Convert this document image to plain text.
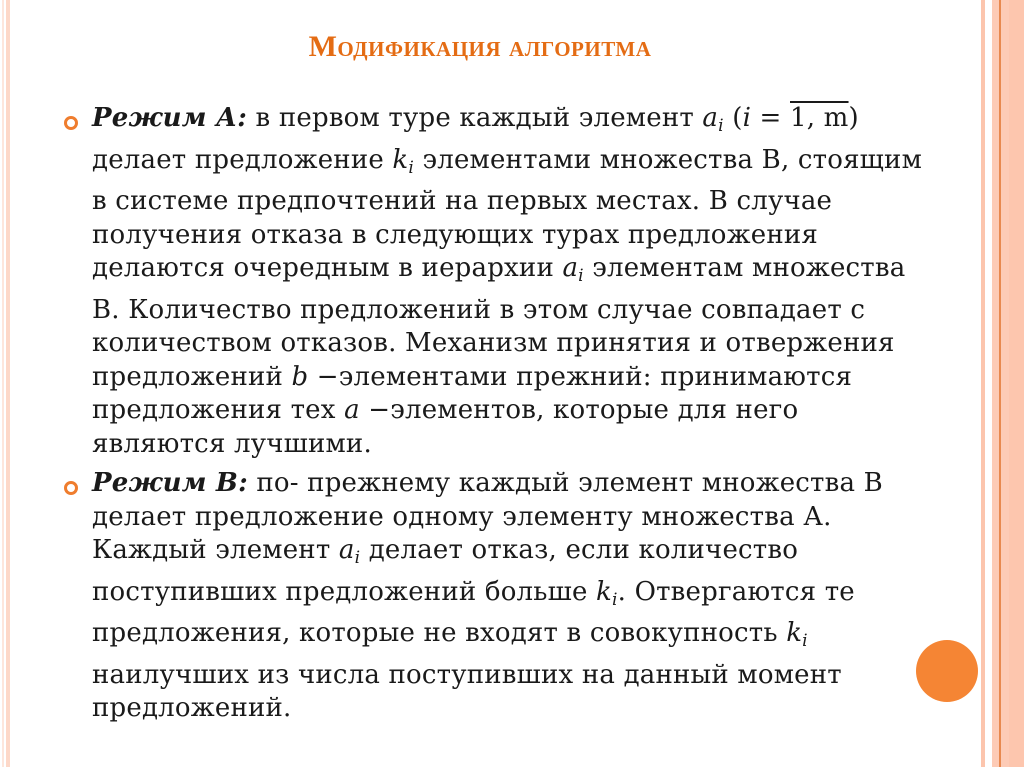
Модификация алгоритма
Режим А: в первом туре каждый элемент $a_i$ (i = 1, m) делает предложение $k_i$ элементами множества В, стоящим в системе предпочтений на первых местах. В случае получения отказа в следующих турах предложения делаются очередным в иерархии $a_i$ элементам множества В. Количество предложений в этом случае совпадает с количеством отказов. Механизм принятия и отвержения предложений b −элементами прежний: принимаются предложения тех a −элементов, которые для него являются лучшими.
Режим В: по- прежнему каждый элемент множества В делает предложение одному элементу множества А. Каждый элемент $a_i$ делает отказ, если количество поступивших предложений больше $k_i$. Отвергаются те предложения, которые не входят в совокупность $k_i$ наилучших из числа поступивших на данный момент предложений.
